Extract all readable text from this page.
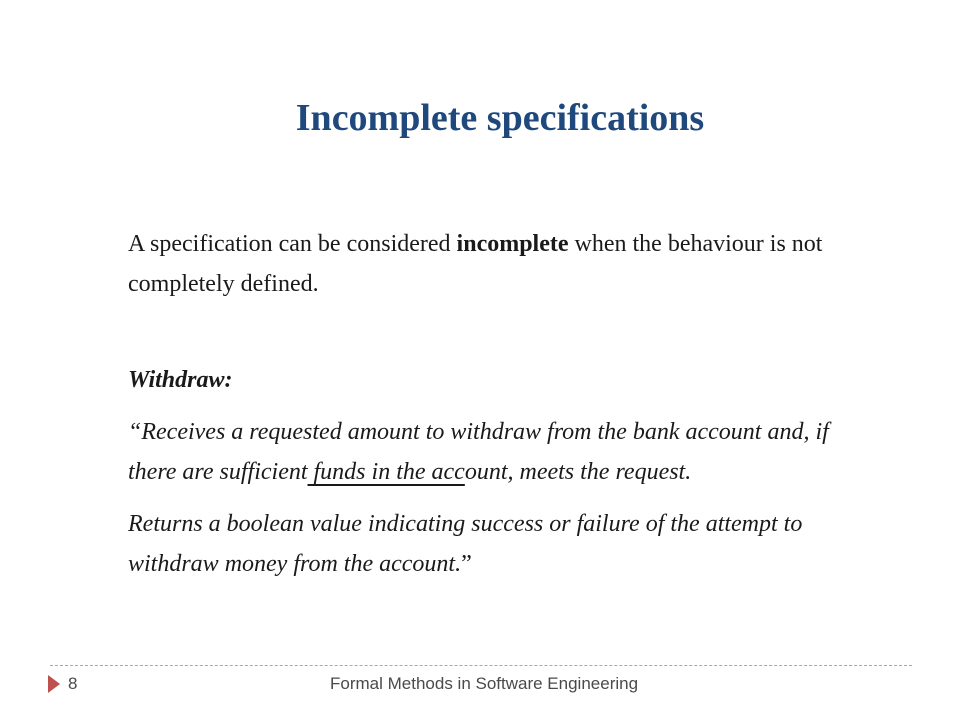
Incomplete specifications

A specification can be considered incomplete when the behaviour is not completely defined.

Withdraw:

“Receives a requested amount to withdraw from the bank account and, if there are sufficient funds in the account, meets the request.

Returns a boolean value indicating success or failure of the attempt to withdraw money from the account.”

8	Formal Methods in Software Engineering
